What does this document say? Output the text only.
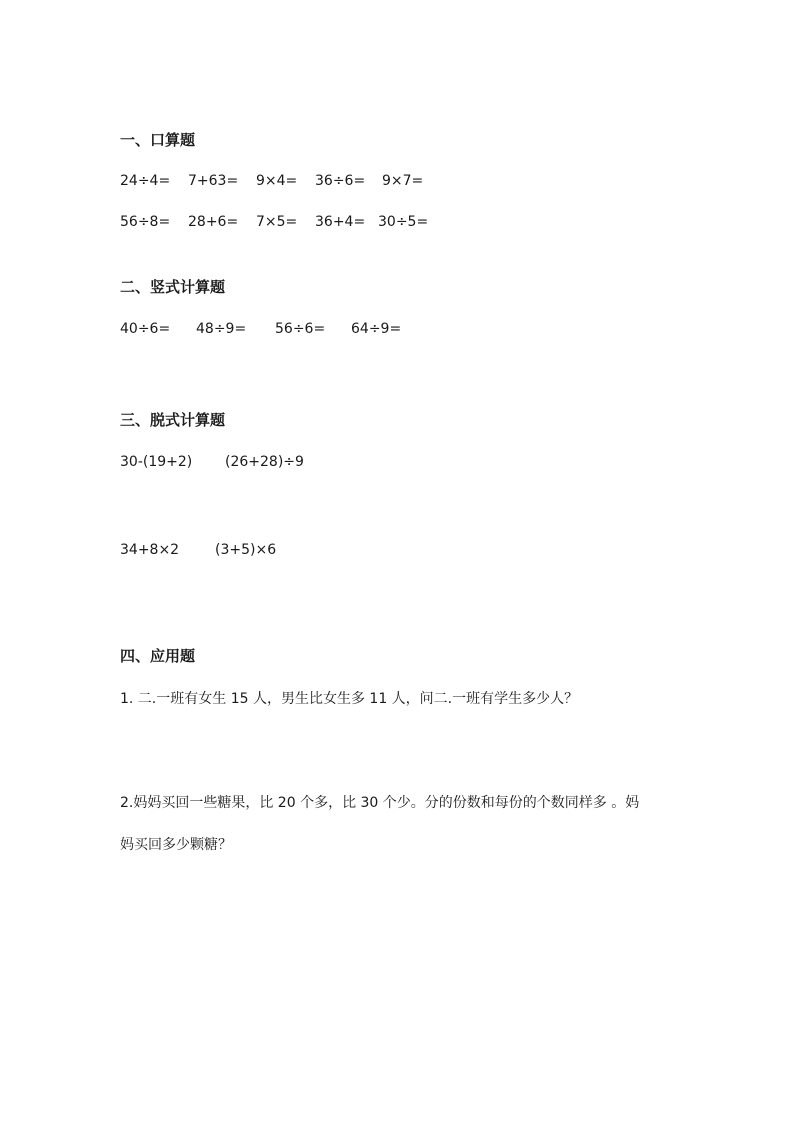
一、口算题
24÷4= 7+63= 9×4= 36÷6= 9×7=
56÷8= 28+6= 7×5= 36+4= 30÷5=
二、竖式计算题
40÷6= 48÷9= 56÷6= 64÷9=
三、脱式计算题
30-(19+2) (26+28)÷9
34+8×2	(3+5)×6
四、应用题
1. 二.一班有女生 15 人，男生比女生多 11 人，问二.一班有学生多少人？
2.妈妈买回一些糖果，比 20 个多，比 30 个少。分的份数和每份的个数同样多 。妈
妈买回多少颗糖？
